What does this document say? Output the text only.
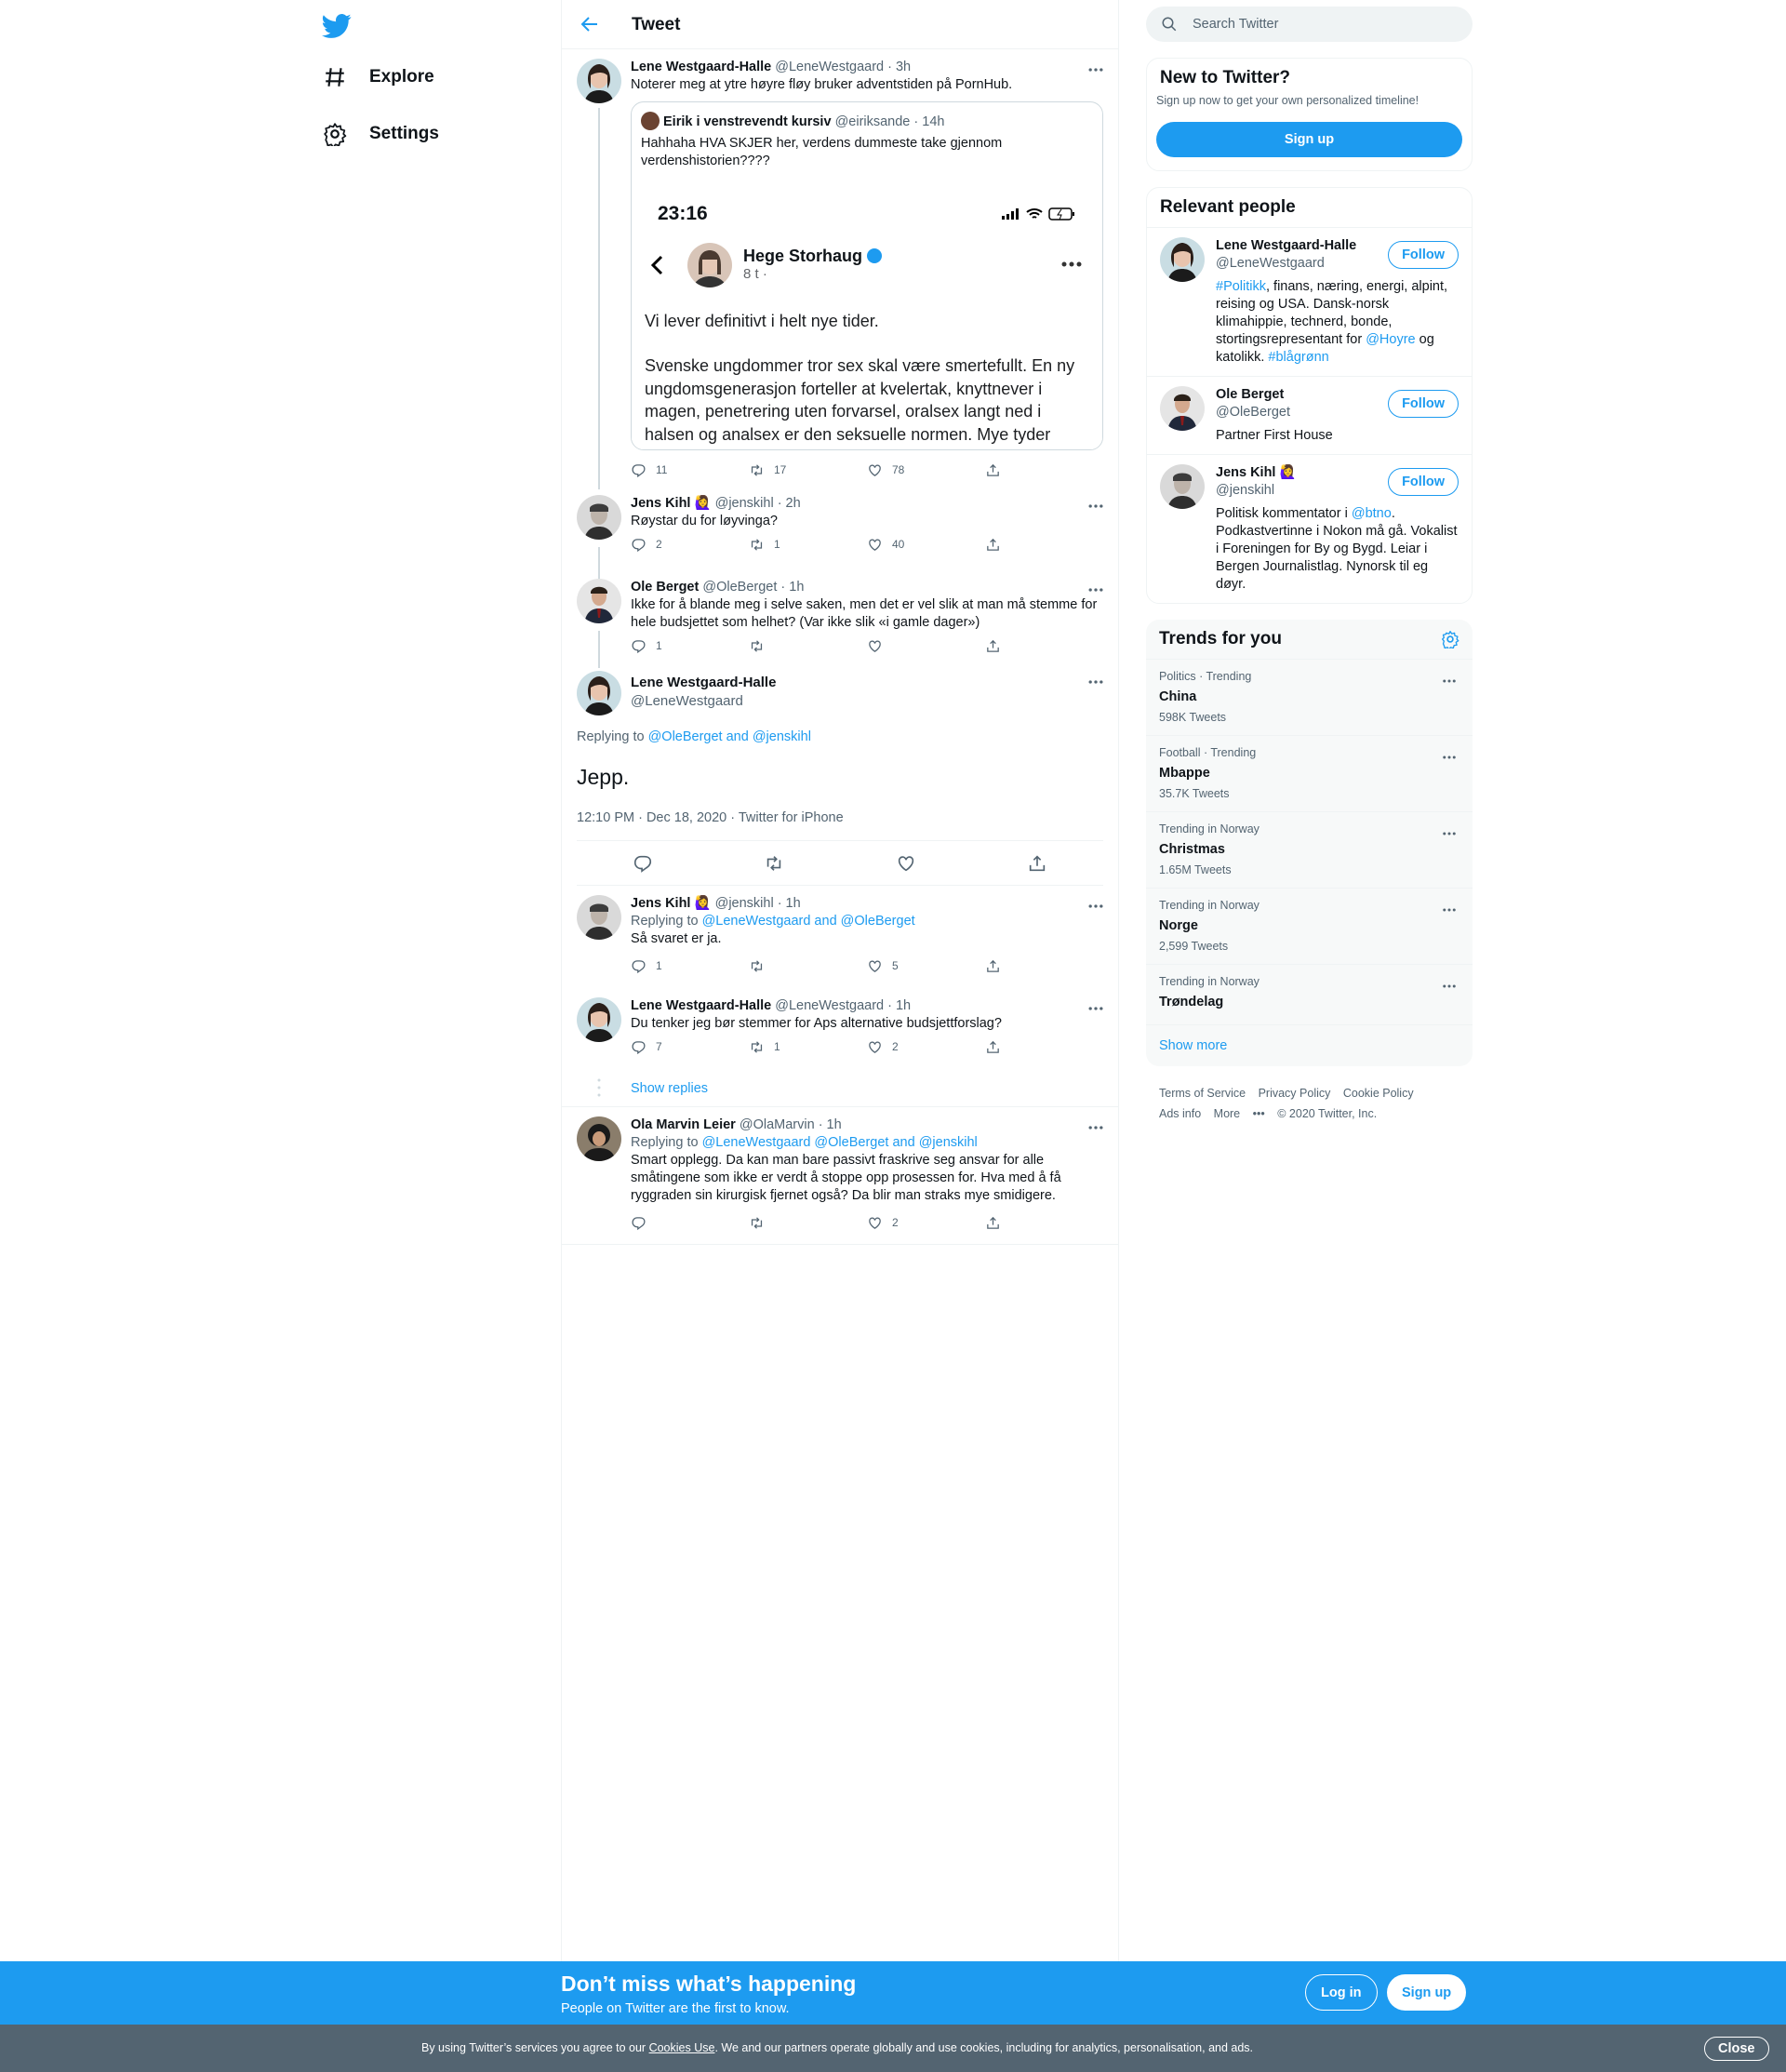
Explore
Settings
Tweet
Lene Westgaard-Halle @LeneWestgaard · 3h
Noterer meg at ytre høyre fløy bruker adventstiden på PornHub.
Eirik i venstrevendt kursiv @eiriksande · 14h
Hahhaha HVA SKJER her, verdens dummeste take gjennom verdenshistorien????
23:16
Hege Storhaug
8 t ·
Vi lever definitivt i helt nye tider.
Svenske ungdommer tror sex skal være smertefullt. En ny ungdomsgenerasjon forteller at kvelertak, knyttnever i magen, penetrering uten forvarsel, oralsex langt ned i halsen og analsex er den seksuelle normen. Mye tyder
11	17	78
Jens Kihl 🙋‍♀️ @jenskihl · 2h
Røystar du for løyvinga?
2	1	40
Ole Berget @OleBerget · 1h
Ikke for å blande meg i selve saken, men det er vel slik at man må stemme for hele budsjettet som helhet? (Var ikke slik «i gamle dager»)
1
Lene Westgaard-Halle
@LeneWestgaard
Replying to @OleBerget and @jenskihl
Jepp.
12:10 PM · Dec 18, 2020 · Twitter for iPhone
Jens Kihl 🙋‍♀️ @jenskihl · 1h
Replying to @LeneWestgaard and @OleBerget
Så svaret er ja.
1	5
Lene Westgaard-Halle @LeneWestgaard · 1h
Du tenker jeg bør stemmer for Aps alternative budsjettforslag?
7	1	2
Show replies
Ola Marvin Leier @OlaMarvin · 1h
Replying to @LeneWestgaard @OleBerget and @jenskihl
Smart opplegg. Da kan man bare passivt fraskrive seg ansvar for alle småtingene som ikke er verdt å stoppe opp prosessen for. Hva med å få ryggraden sin kirurgisk fjernet også? Da blir man straks mye smidigere.
2
Search Twitter
New to Twitter?
Sign up now to get your own personalized timeline!
Sign up
Relevant people
Lene Westgaard-Halle
@LeneWestgaard
#Politikk, finans, næring, energi, alpint, reising og USA. Dansk-norsk klimahippie, technerd, bonde, stortingsrepresentant for @Hoyre og katolikk. #blågrønn
Follow
Ole Berget
@OleBerget
Partner First House
Follow
Jens Kihl 🙋‍♀️
@jenskihl
Politisk kommentator i @btno. Podkastvertinne i Nokon må gå. Vokalist i Foreningen for By og Bygd. Leiar i Bergen Journalistlag. Nynorsk til eg døyr.
Follow
Trends for you
Politics · Trending
China
598K Tweets
Football · Trending
Mbappe
35.7K Tweets
Trending in Norway
Christmas
1.65M Tweets
Trending in Norway
Norge
2,599 Tweets
Trending in Norway
Trøndelag
Show more
Terms of Service Privacy Policy Cookie Policy
Ads info More ••• © 2020 Twitter, Inc.
Don’t miss what’s happening
People on Twitter are the first to know.
Log in	Sign up
By using Twitter’s services you agree to our Cookies Use. We and our partners operate globally and use cookies, including for analytics, personalisation, and ads.	Close
